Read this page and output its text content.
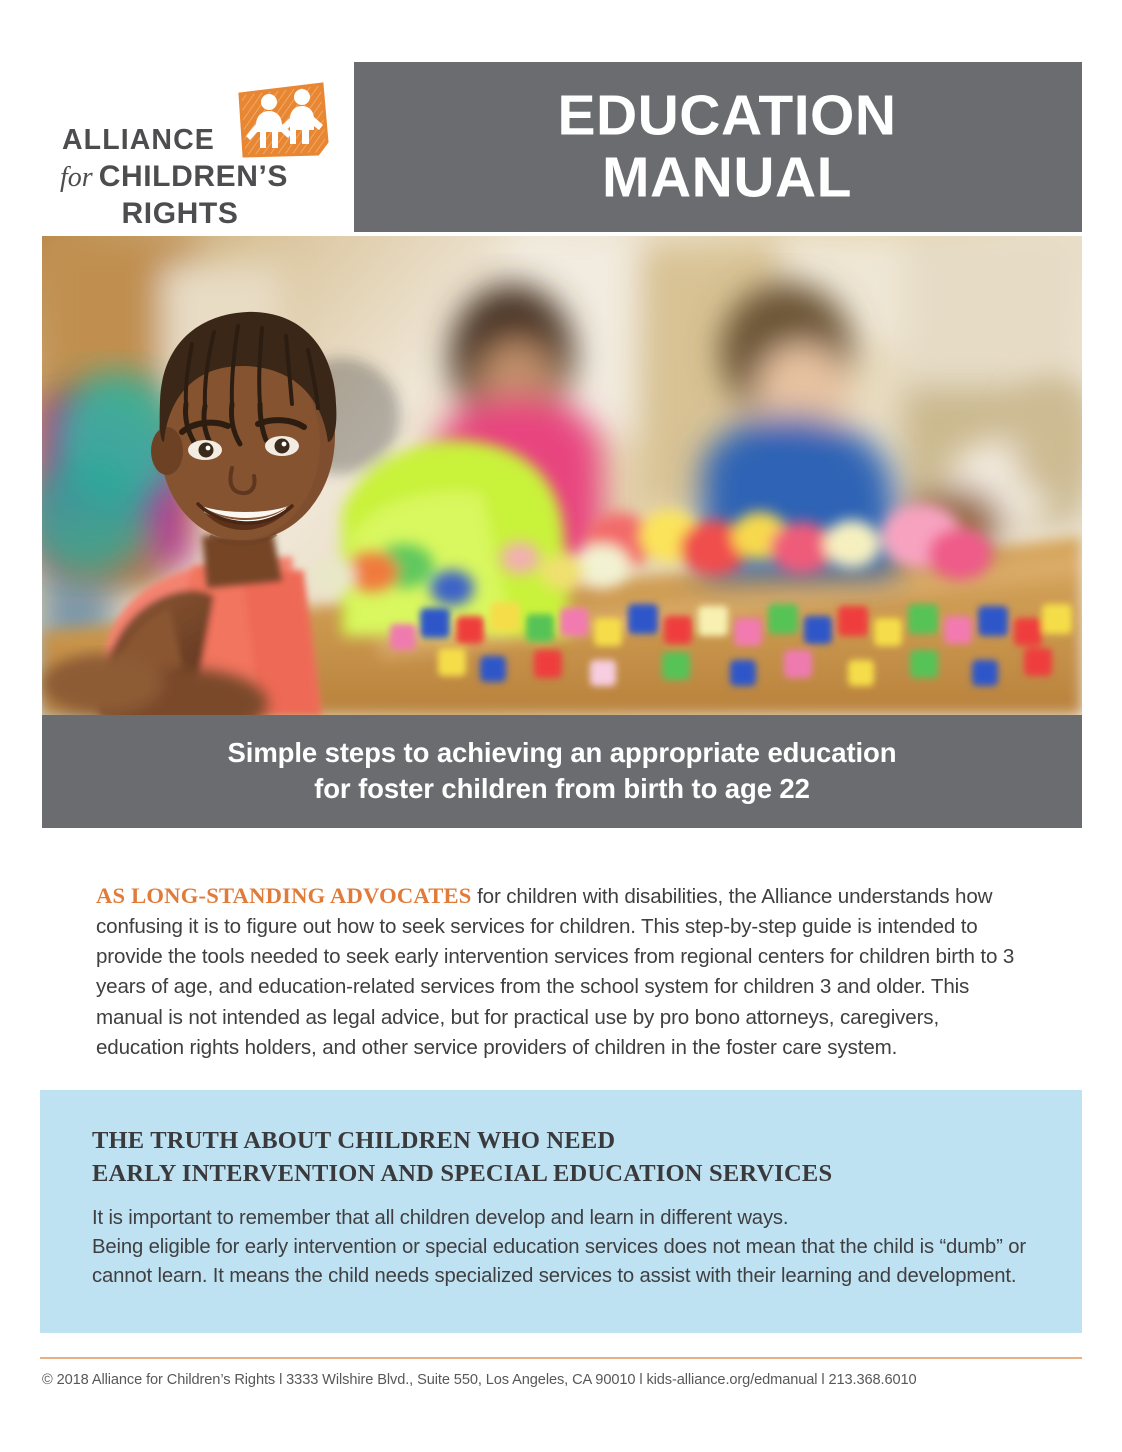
EDUCATION
MANUAL
ALLIANCE
for CHILDREN’S
RIGHTS
Simple steps to achieving an appropriate education
for foster children from birth to age 22

AS LONG-STANDING ADVOCATES for children with disabilities, the Alliance understands how confusing it is to figure out how to seek services for children. This step-by-step guide is intended to provide the tools needed to seek early intervention services from regional centers for children birth to 3 years of age, and education-related services from the school system for children 3 and older. This manual is not intended as legal advice, but for practical use by pro bono attorneys, caregivers, education rights holders, and other service providers of children in the foster care system.

THE TRUTH ABOUT CHILDREN WHO NEED
EARLY INTERVENTION AND SPECIAL EDUCATION SERVICES
It is important to remember that all children develop and learn in different ways.
Being eligible for early intervention or special education services does not mean that the child is “dumb” or cannot learn. It means the child needs specialized services to assist with their learning and development.
© 2018 Alliance for Children’s Rights l 3333 Wilshire Blvd., Suite 550, Los Angeles, CA 90010 l kids-alliance.org/edmanual l 213.368.6010
